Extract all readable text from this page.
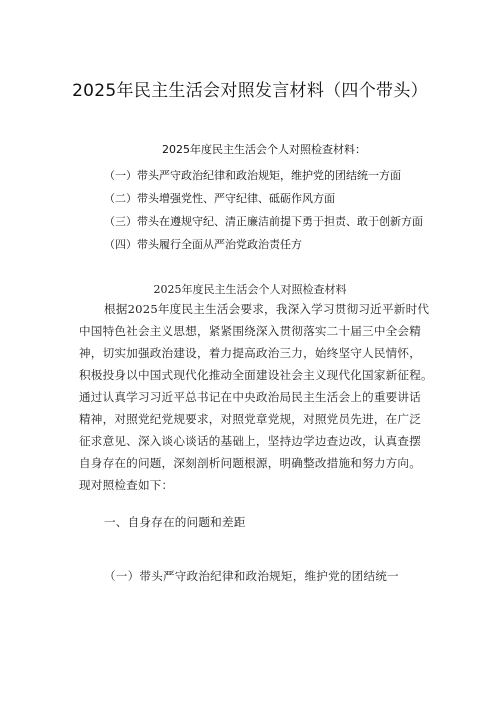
2025年民主生活会对照发言材料（四个带头）
2025年度民主生活会个人对照检查材料：
（一）带头严守政治纪律和政治规矩，维护党的团结统一方面
（二）带头增强党性、严守纪律、砥砺作风方面
（三）带头在遵规守纪、清正廉洁前提下勇于担责、敢于创新方面
（四）带头履行全面从严治党政治责任方
2025年度民主生活会个人对照检查材料
根据2025年度民主生活会要求，我深入学习贯彻习近平新时代
中国特色社会主义思想，紧紧围绕深入贯彻落实二十届三中全会精
神，切实加强政治建设，着力提高政治三力，始终坚守人民情怀，
积极投身以中国式现代化推动全面建设社会主义现代化国家新征程。
通过认真学习习近平总书记在中央政治局民主生活会上的重要讲话
精神，对照党纪党规要求，对照党章党规，对照党员先进，在广泛
征求意见、深入谈心谈话的基础上，坚持边学边查边改，认真查摆
自身存在的问题，深刻剖析问题根源，明确整改措施和努力方向。
现对照检查如下：
一、自身存在的问题和差距
（一）带头严守政治纪律和政治规矩，维护党的团结统一
